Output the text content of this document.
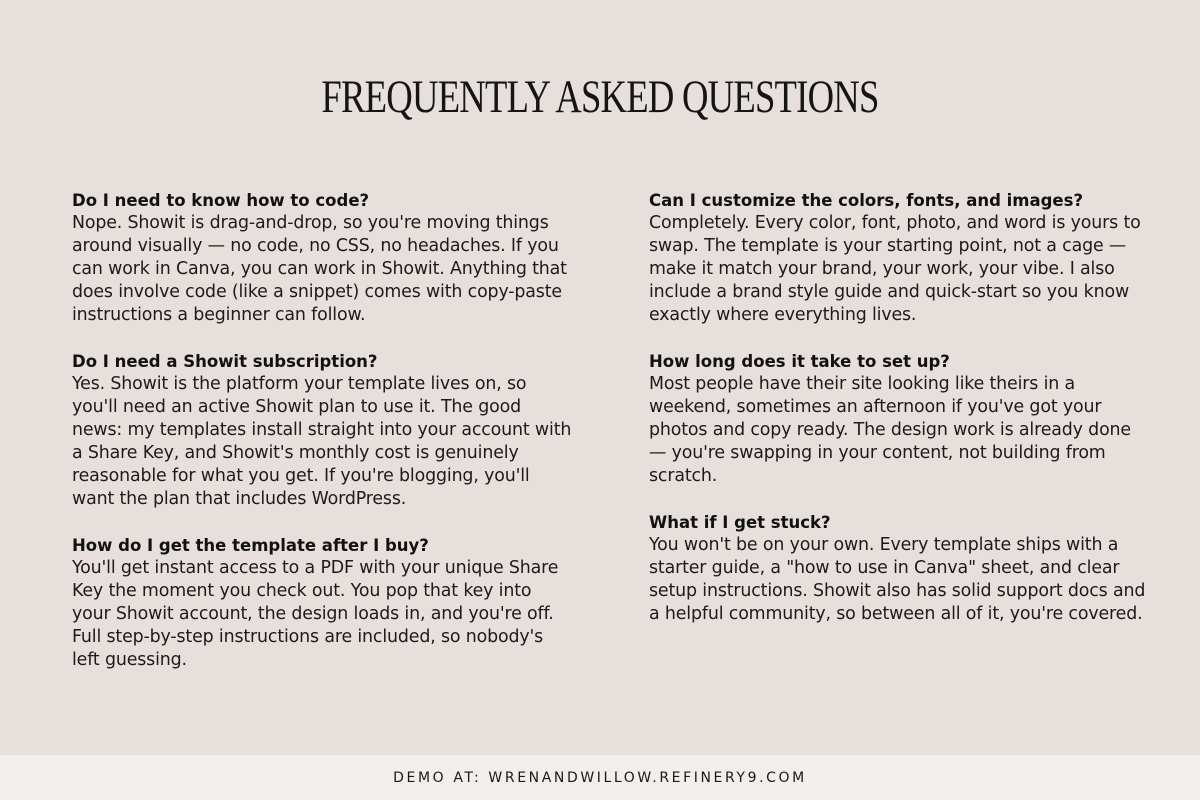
FREQUENTLY ASKED QUESTIONS

Do I need to know how to code?

Nope. Showit is drag-and-drop, so you're moving things around visually — no code, no CSS, no headaches. If you can work in Canva, you can work in Showit. Anything that does involve code (like a snippet) comes with copy-paste instructions a beginner can follow.

Do I need a Showit subscription?

Yes. Showit is the platform your template lives on, so you'll need an active Showit plan to use it. The good news: my templates install straight into your account with a Share Key, and Showit's monthly cost is genuinely reasonable for what you get. If you're blogging, you'll want the plan that includes WordPress.

How do I get the template after I buy?

You'll get instant access to a PDF with your unique Share Key the moment you check out. You pop that key into your Showit account, the design loads in, and you're off. Full step-by-step instructions are included, so nobody's left guessing.

Can I customize the colors, fonts, and images?

Completely. Every color, font, photo, and word is yours to swap. The template is your starting point, not a cage — make it match your brand, your work, your vibe. I also include a brand style guide and quick-start so you know exactly where everything lives.

How long does it take to set up?

Most people have their site looking like theirs in a weekend, sometimes an afternoon if you've got your photos and copy ready. The design work is already done — you're swapping in your content, not building from scratch.

What if I get stuck?

You won't be on your own. Every template ships with a starter guide, a "how to use in Canva" sheet, and clear setup instructions. Showit also has solid support docs and a helpful community, so between all of it, you're covered.

DEMO AT: WRENANDWILLOW.REFINERY9.COM
